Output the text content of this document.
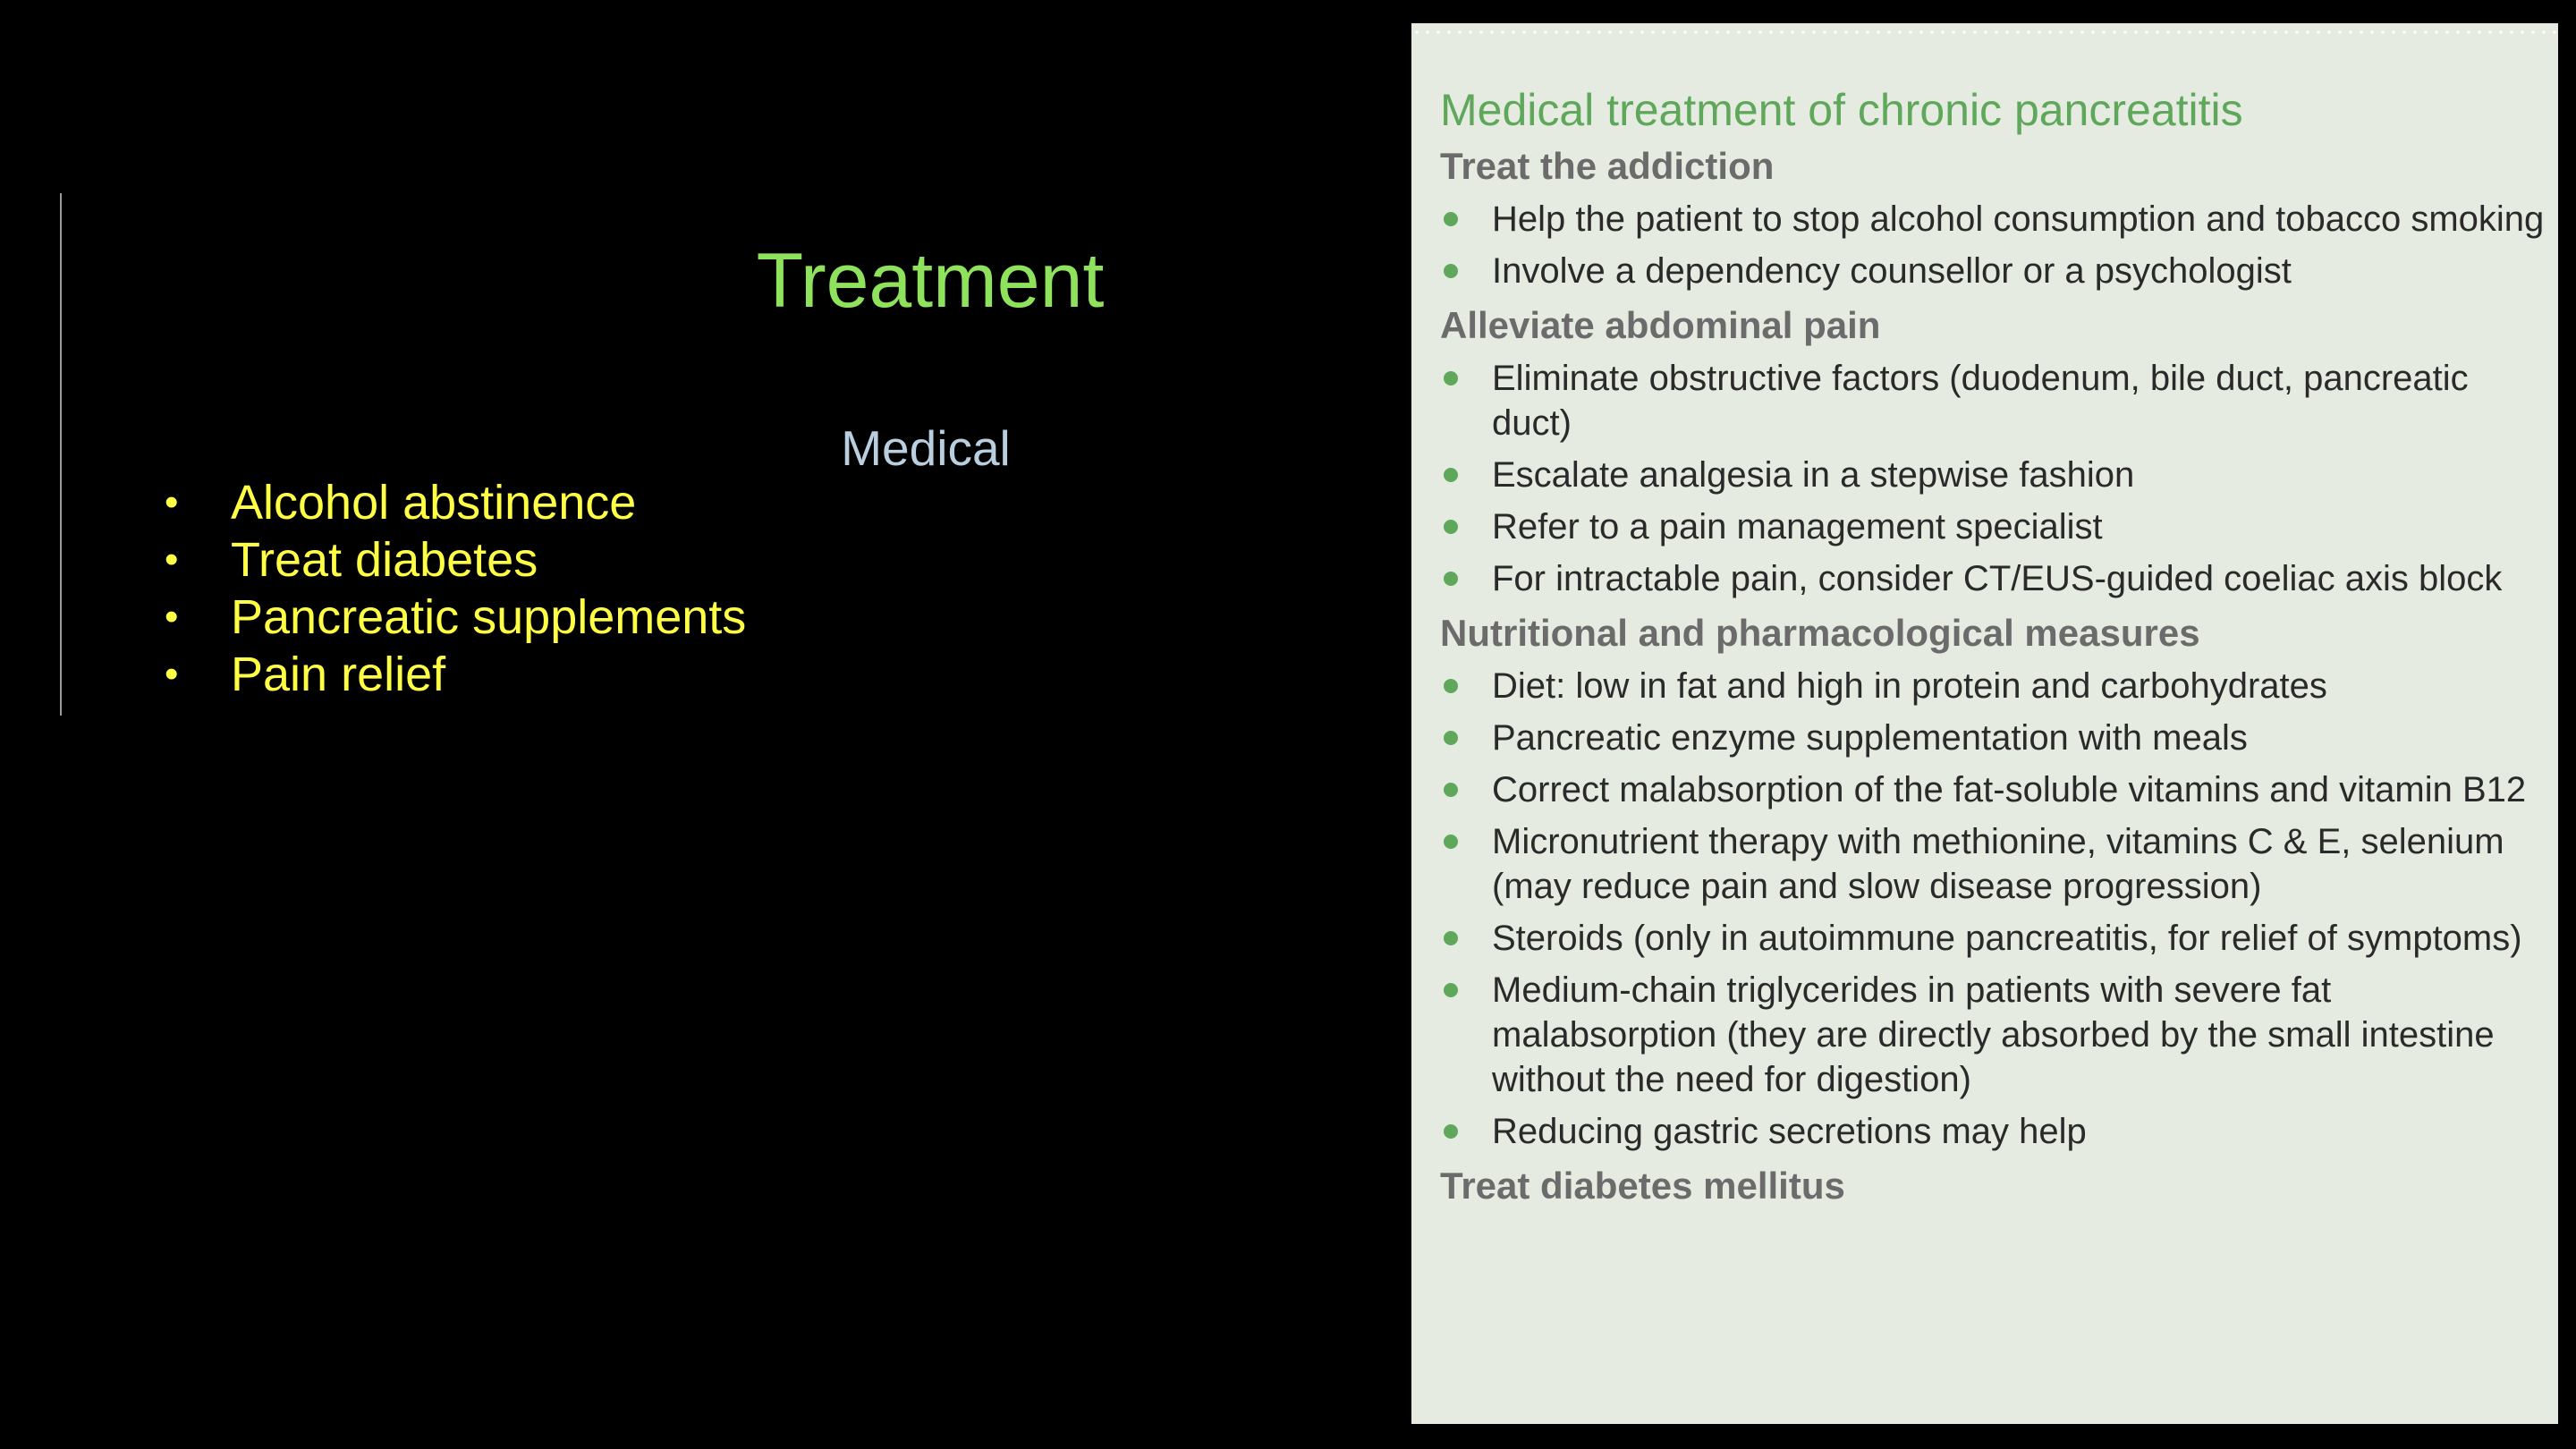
Treatment
Medical
• Alcohol abstinence
• Treat diabetes
• Pancreatic supplements
• Pain relief
Medical treatment of chronic pancreatitis
Treat the addiction
Help the patient to stop alcohol consumption and tobacco smoking
Involve a dependency counsellor or a psychologist
Alleviate abdominal pain
Eliminate obstructive factors (duodenum, bile duct, pancreatic duct)
Escalate analgesia in a stepwise fashion
Refer to a pain management specialist
For intractable pain, consider CT/EUS-guided coeliac axis block
Nutritional and pharmacological measures
Diet: low in fat and high in protein and carbohydrates
Pancreatic enzyme supplementation with meals
Correct malabsorption of the fat-soluble vitamins and vitamin B12
Micronutrient therapy with methionine, vitamins C & E, selenium (may reduce pain and slow disease progression)
Steroids (only in autoimmune pancreatitis, for relief of symptoms)
Medium-chain triglycerides in patients with severe fat malabsorption (they are directly absorbed by the small intestine without the need for digestion)
Reducing gastric secretions may help
Treat diabetes mellitus
